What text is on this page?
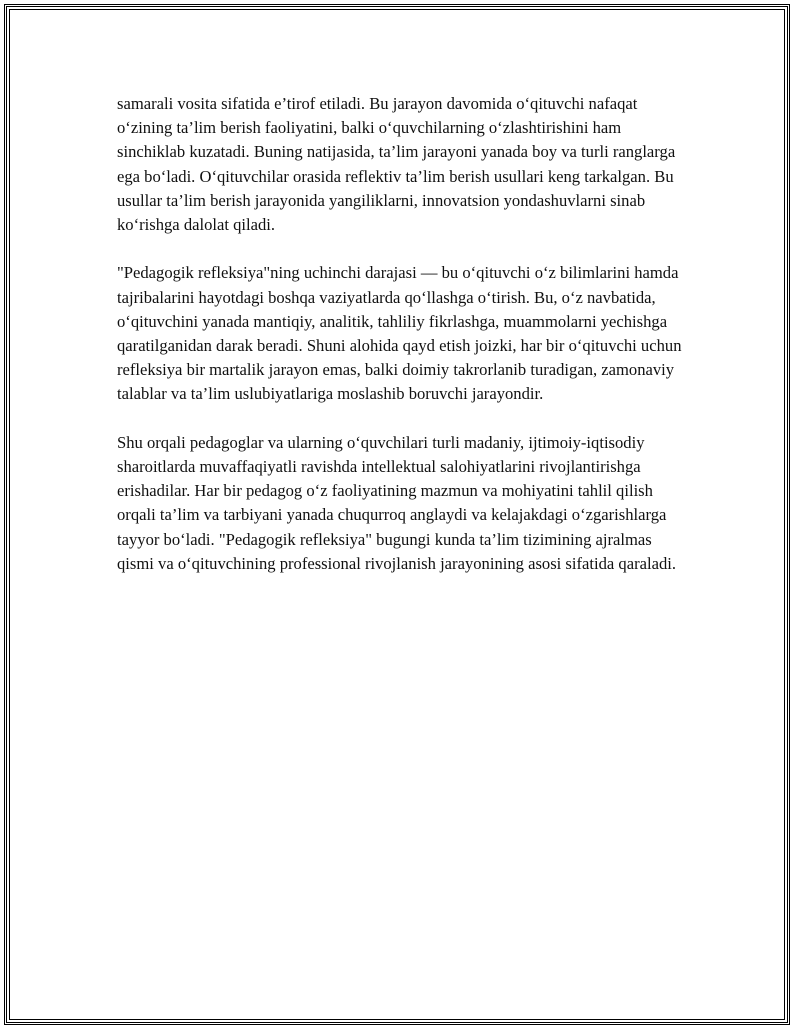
samarali vosita sifatida e’tirof etiladi. Bu jarayon davomida o‘qituvchi nafaqat o‘zining ta’lim berish faoliyatini, balki o‘quvchilarning o‘zlashtirishini ham sinchiklab kuzatadi. Buning natijasida, ta’lim jarayoni yanada boy va turli ranglarga ega bo‘ladi. O‘qituvchilar orasida reflektiv ta’lim berish usullari keng tarkalgan. Bu usullar ta’lim berish jarayonida yangiliklarni, innovatsion yondashuvlarni sinab ko‘rishga dalolat qiladi.

"Pedagogik refleksiya"ning uchinchi darajasi — bu o‘qituvchi o‘z bilimlarini hamda tajribalarini hayotdagi boshqa vaziyatlarda qo‘llashga o‘tirish. Bu, o‘z navbatida, o‘qituvchini yanada mantiqiy, analitik, tahliliy fikrlashga, muammolarni yechishga qaratilganidan darak beradi. Shuni alohida qayd etish joizki, har bir o‘qituvchi uchun refleksiya bir martalik jarayon emas, balki doimiy takrorlanib turadigan, zamonaviy talablar va ta’lim uslubiyatlariga moslashib boruvchi jarayondir.

Shu orqali pedagoglar va ularning o‘quvchilari turli madaniy, ijtimoiy-iqtisodiy sharoitlarda muvaffaqiyatli ravishda intellektual salohiyatlarini rivojlantirishga erishadilar. Har bir pedagog o‘z faoliyatining mazmun va mohiyatini tahlil qilish orqali ta’lim va tarbiyani yanada chuqurroq anglaydi va kelajakdagi o‘zgarishlarga tayyor bo‘ladi. "Pedagogik refleksiya" bugungi kunda ta’lim tizimining ajralmas qismi va o‘qituvchining professional rivojlanish jarayonining asosi sifatida qaraladi.
